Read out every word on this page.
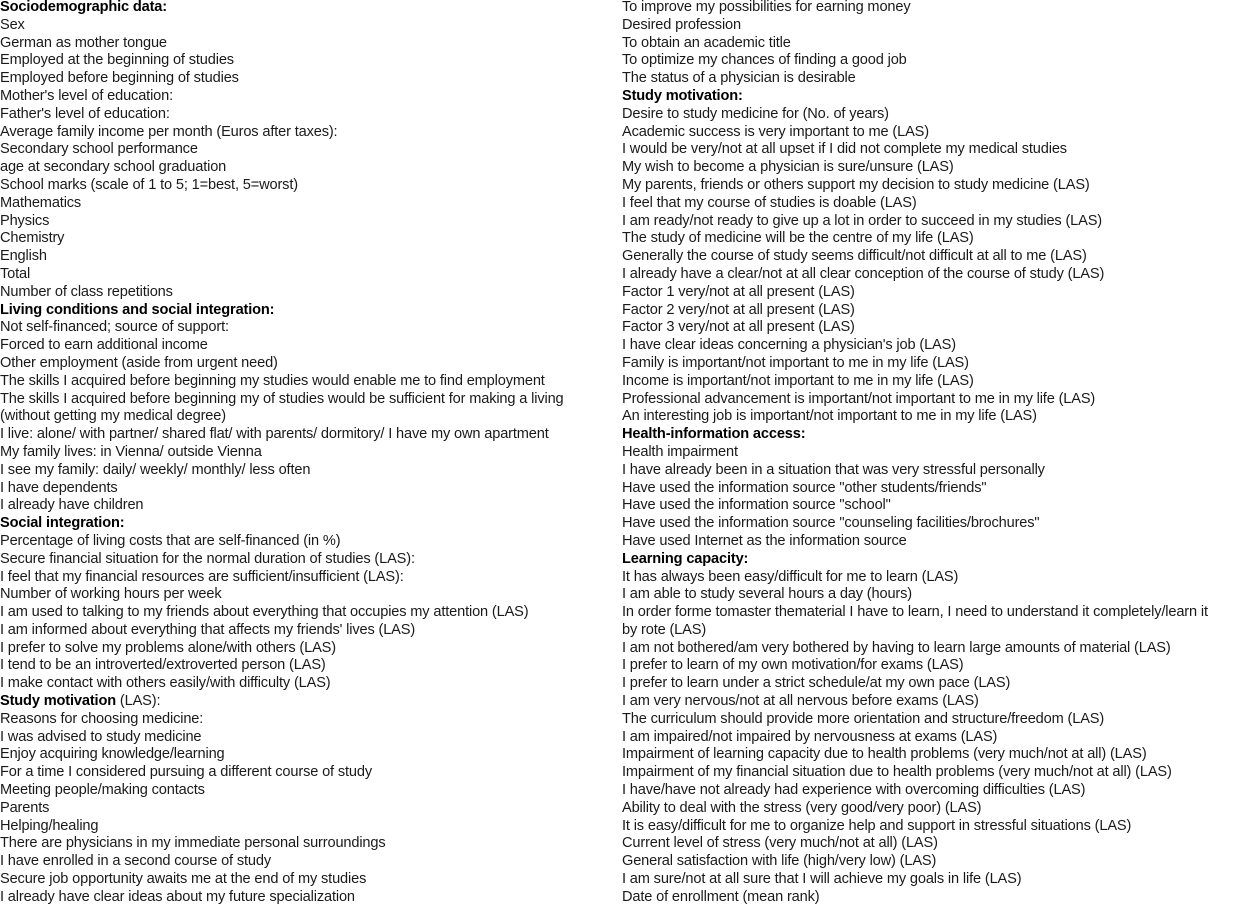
Sociodemographic data:
Sex
German as mother tongue
Employed at the beginning of studies
Employed before beginning of studies
Mother's level of education:
Father's level of education:
Average family income per month (Euros after taxes):
Secondary school performance
age at secondary school graduation
School marks (scale of 1 to 5; 1=best, 5=worst)
Mathematics
Physics
Chemistry
English
Total
Number of class repetitions
Living conditions and social integration:
Not self-financed; source of support:
Forced to earn additional income
Other employment (aside from urgent need)
The skills I acquired before beginning my studies would enable me to find employment
The skills I acquired before beginning my of studies would be sufficient for making a living
(without getting my medical degree)
I live: alone/ with partner/ shared flat/ with parents/ dormitory/ I have my own apartment
My family lives: in Vienna/ outside Vienna
I see my family: daily/ weekly/ monthly/ less often
I have dependents
I already have children
Social integration:
Percentage of living costs that are self-financed (in %)
Secure financial situation for the normal duration of studies (LAS):
I feel that my financial resources are sufficient/insufficient (LAS):
Number of working hours per week
I am used to talking to my friends about everything that occupies my attention (LAS)
I am informed about everything that affects my friends' lives (LAS)
I prefer to solve my problems alone/with others (LAS)
I tend to be an introverted/extroverted person (LAS)
I make contact with others easily/with difficulty (LAS)
Study motivation (LAS):
Reasons for choosing medicine:
I was advised to study medicine
Enjoy acquiring knowledge/learning
For a time I considered pursuing a different course of study
Meeting people/making contacts
Parents
Helping/healing
There are physicians in my immediate personal surroundings
I have enrolled in a second course of study
Secure job opportunity awaits me at the end of my studies
I already have clear ideas about my future specialization
To improve my possibilities for earning money
Desired profession
To obtain an academic title
To optimize my chances of finding a good job
The status of a physician is desirable
Study motivation:
Desire to study medicine for (No. of years)
Academic success is very important to me (LAS)
I would be very/not at all upset if I did not complete my medical studies
My wish to become a physician is sure/unsure (LAS)
My parents, friends or others support my decision to study medicine (LAS)
I feel that my course of studies is doable (LAS)
I am ready/not ready to give up a lot in order to succeed in my studies (LAS)
The study of medicine will be the centre of my life (LAS)
Generally the course of study seems difficult/not difficult at all to me (LAS)
I already have a clear/not at all clear conception of the course of study (LAS)
Factor 1 very/not at all present (LAS)
Factor 2 very/not at all present (LAS)
Factor 3 very/not at all present (LAS)
I have clear ideas concerning a physician's job (LAS)
Family is important/not important to me in my life (LAS)
Income is important/not important to me in my life (LAS)
Professional advancement is important/not important to me in my life (LAS)
An interesting job is important/not important to me in my life (LAS)
Health-information access:
Health impairment
I have already been in a situation that was very stressful personally
Have used the information source "other students/friends"
Have used the information source "school"
Have used the information source "counseling facilities/brochures"
Have used Internet as the information source
Learning capacity:
It has always been easy/difficult for me to learn (LAS)
I am able to study several hours a day (hours)
In order forme tomaster thematerial I have to learn, I need to understand it completely/learn it
by rote (LAS)
I am not bothered/am very bothered by having to learn large amounts of material (LAS)
I prefer to learn of my own motivation/for exams (LAS)
I prefer to learn under a strict schedule/at my own pace (LAS)
I am very nervous/not at all nervous before exams (LAS)
The curriculum should provide more orientation and structure/freedom (LAS)
I am impaired/not impaired by nervousness at exams (LAS)
Impairment of learning capacity due to health problems (very much/not at all) (LAS)
Impairment of my financial situation due to health problems (very much/not at all) (LAS)
I have/have not already had experience with overcoming difficulties (LAS)
Ability to deal with the stress (very good/very poor) (LAS)
It is easy/difficult for me to organize help and support in stressful situations (LAS)
Current level of stress (very much/not at all) (LAS)
General satisfaction with life (high/very low) (LAS)
I am sure/not at all sure that I will achieve my goals in life (LAS)
Date of enrollment (mean rank)
